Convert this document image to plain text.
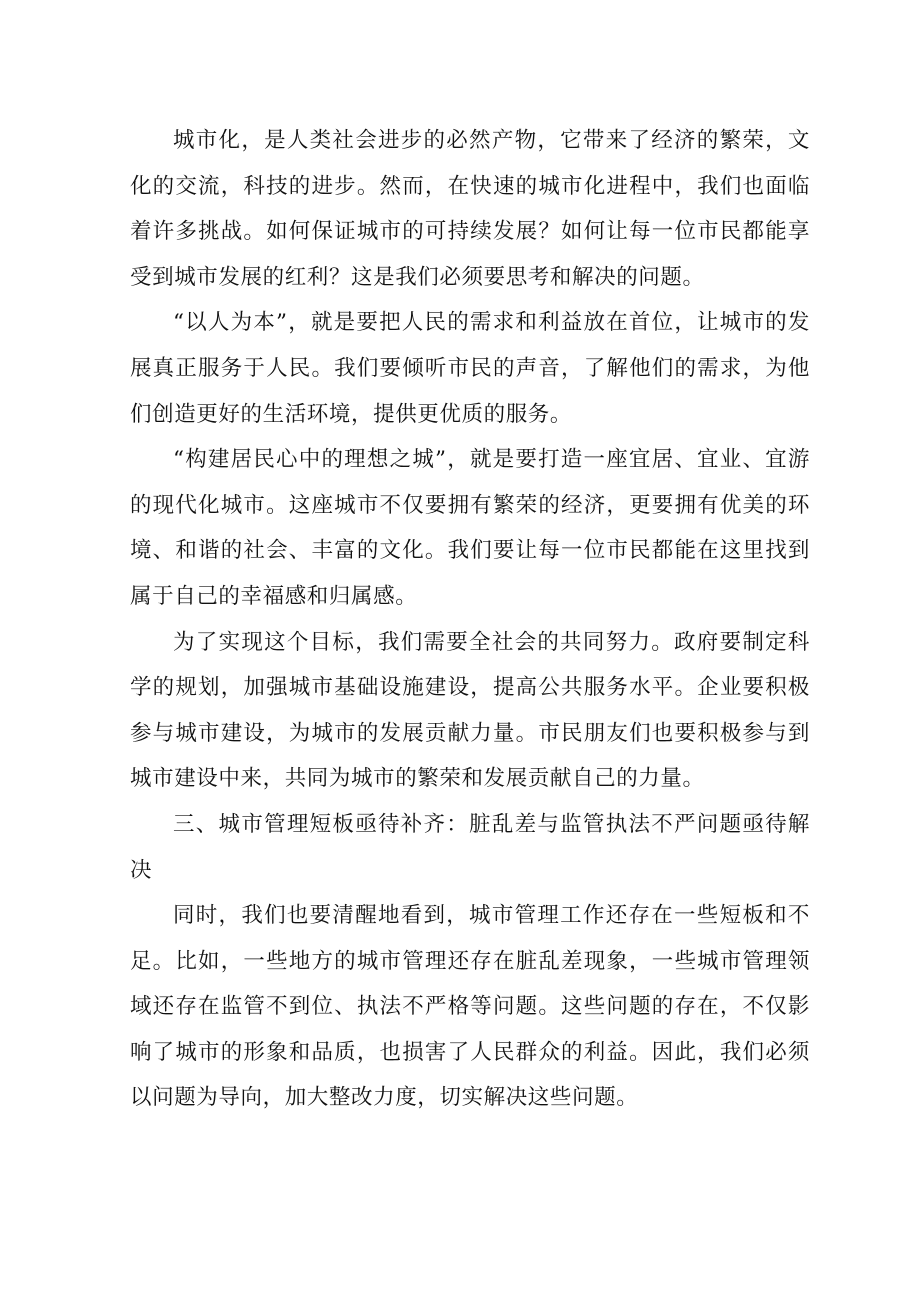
城市化，是人类社会进步的必然产物，它带来了经济的繁荣，文化的交流，科技的进步。然而，在快速的城市化进程中，我们也面临着许多挑战。如何保证城市的可持续发展？如何让每一位市民都能享受到城市发展的红利？这是我们必须要思考和解决的问题。

“以人为本”，就是要把人民的需求和利益放在首位，让城市的发展真正服务于人民。我们要倾听市民的声音，了解他们的需求，为他们创造更好的生活环境，提供更优质的服务。

“构建居民心中的理想之城”，就是要打造一座宜居、宜业、宜游的现代化城市。这座城市不仅要拥有繁荣的经济，更要拥有优美的环境、和谐的社会、丰富的文化。我们要让每一位市民都能在这里找到属于自己的幸福感和归属感。

为了实现这个目标，我们需要全社会的共同努力。政府要制定科学的规划，加强城市基础设施建设，提高公共服务水平。企业要积极参与城市建设，为城市的发展贡献力量。市民朋友们也要积极参与到城市建设中来，共同为城市的繁荣和发展贡献自己的力量。

三、城市管理短板亟待补齐：脏乱差与监管执法不严问题亟待解决

同时，我们也要清醒地看到，城市管理工作还存在一些短板和不足。比如，一些地方的城市管理还存在脏乱差现象，一些城市管理领域还存在监管不到位、执法不严格等问题。这些问题的存在，不仅影响了城市的形象和品质，也损害了人民群众的利益。因此，我们必须以问题为导向，加大整改力度，切实解决这些问题。
